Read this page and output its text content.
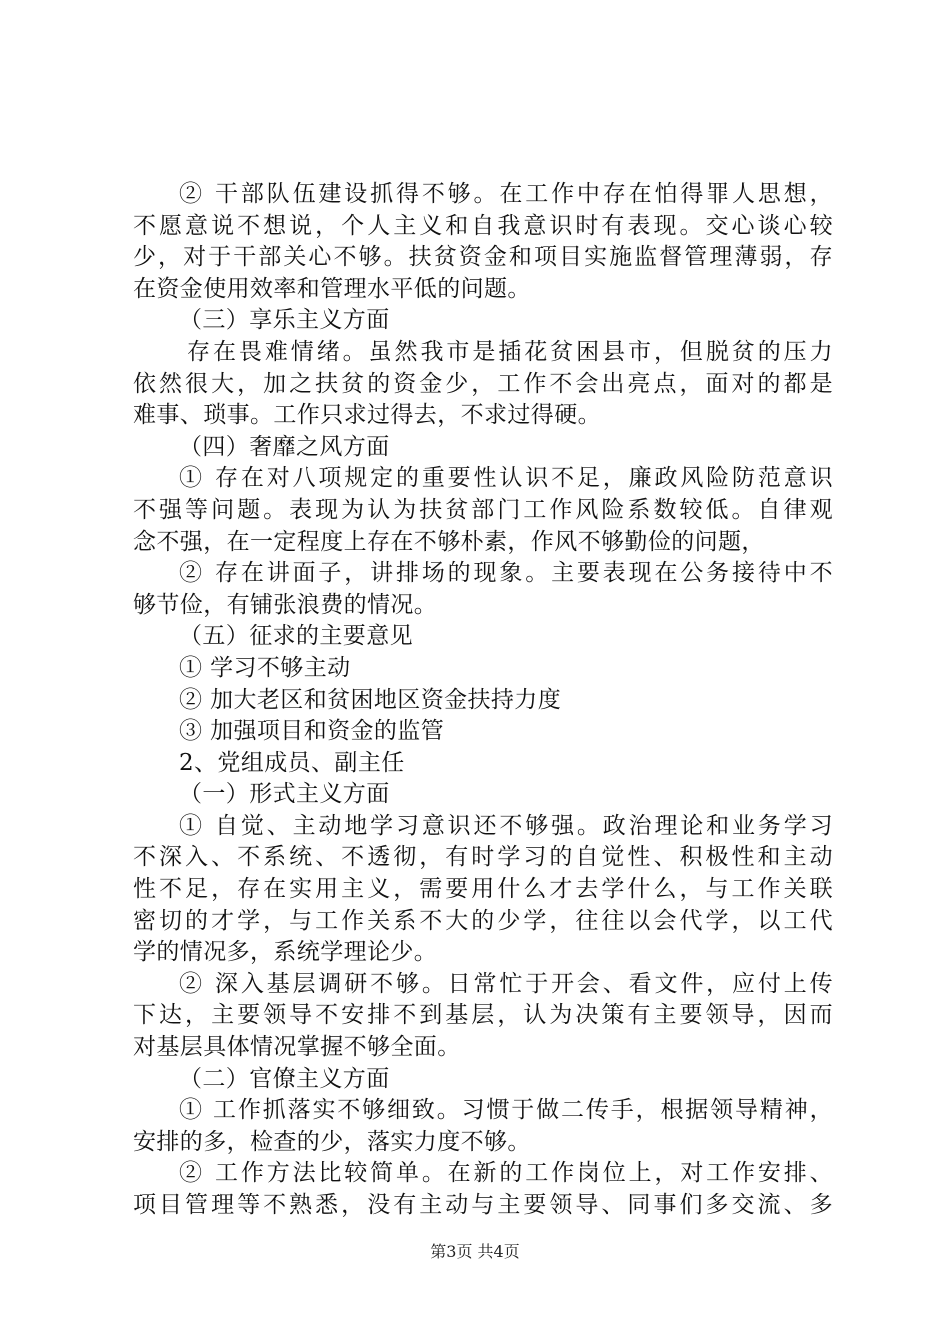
② 干部队伍建设抓得不够。在工作中存在怕得罪人思想，
不愿意说不想说，个人主义和自我意识时有表现。交心谈心较
少，对于干部关心不够。扶贫资金和项目实施监督管理薄弱，存
在资金使用效率和管理水平低的问题。
（三）享乐主义方面
存在畏难情绪。虽然我市是插花贫困县市，但脱贫的压力
依然很大，加之扶贫的资金少，工作不会出亮点，面对的都是
难事、琐事。工作只求过得去，不求过得硬。
（四）奢靡之风方面
① 存在对八项规定的重要性认识不足，廉政风险防范意识
不强等问题。表现为认为扶贫部门工作风险系数较低。自律观
念不强，在一定程度上存在不够朴素，作风不够勤俭的问题，
② 存在讲面子，讲排场的现象。主要表现在公务接待中不
够节俭，有铺张浪费的情况。
（五）征求的主要意见
① 学习不够主动
② 加大老区和贫困地区资金扶持力度
③ 加强项目和资金的监管
2、党组成员、副主任
（一）形式主义方面
① 自觉、主动地学习意识还不够强。政治理论和业务学习
不深入、不系统、不透彻，有时学习的自觉性、积极性和主动
性不足，存在实用主义，需要用什么才去学什么，与工作关联
密切的才学，与工作关系不大的少学，往往以会代学，以工代
学的情况多，系统学理论少。
② 深入基层调研不够。日常忙于开会、看文件，应付上传
下达，主要领导不安排不到基层，认为决策有主要领导，因而
对基层具体情况掌握不够全面。
（二）官僚主义方面
① 工作抓落实不够细致。习惯于做二传手，根据领导精神，
安排的多，检查的少，落实力度不够。
② 工作方法比较简单。在新的工作岗位上，对工作安排、
项目管理等不熟悉，没有主动与主要领导、同事们多交流、多
第3页 共4页
